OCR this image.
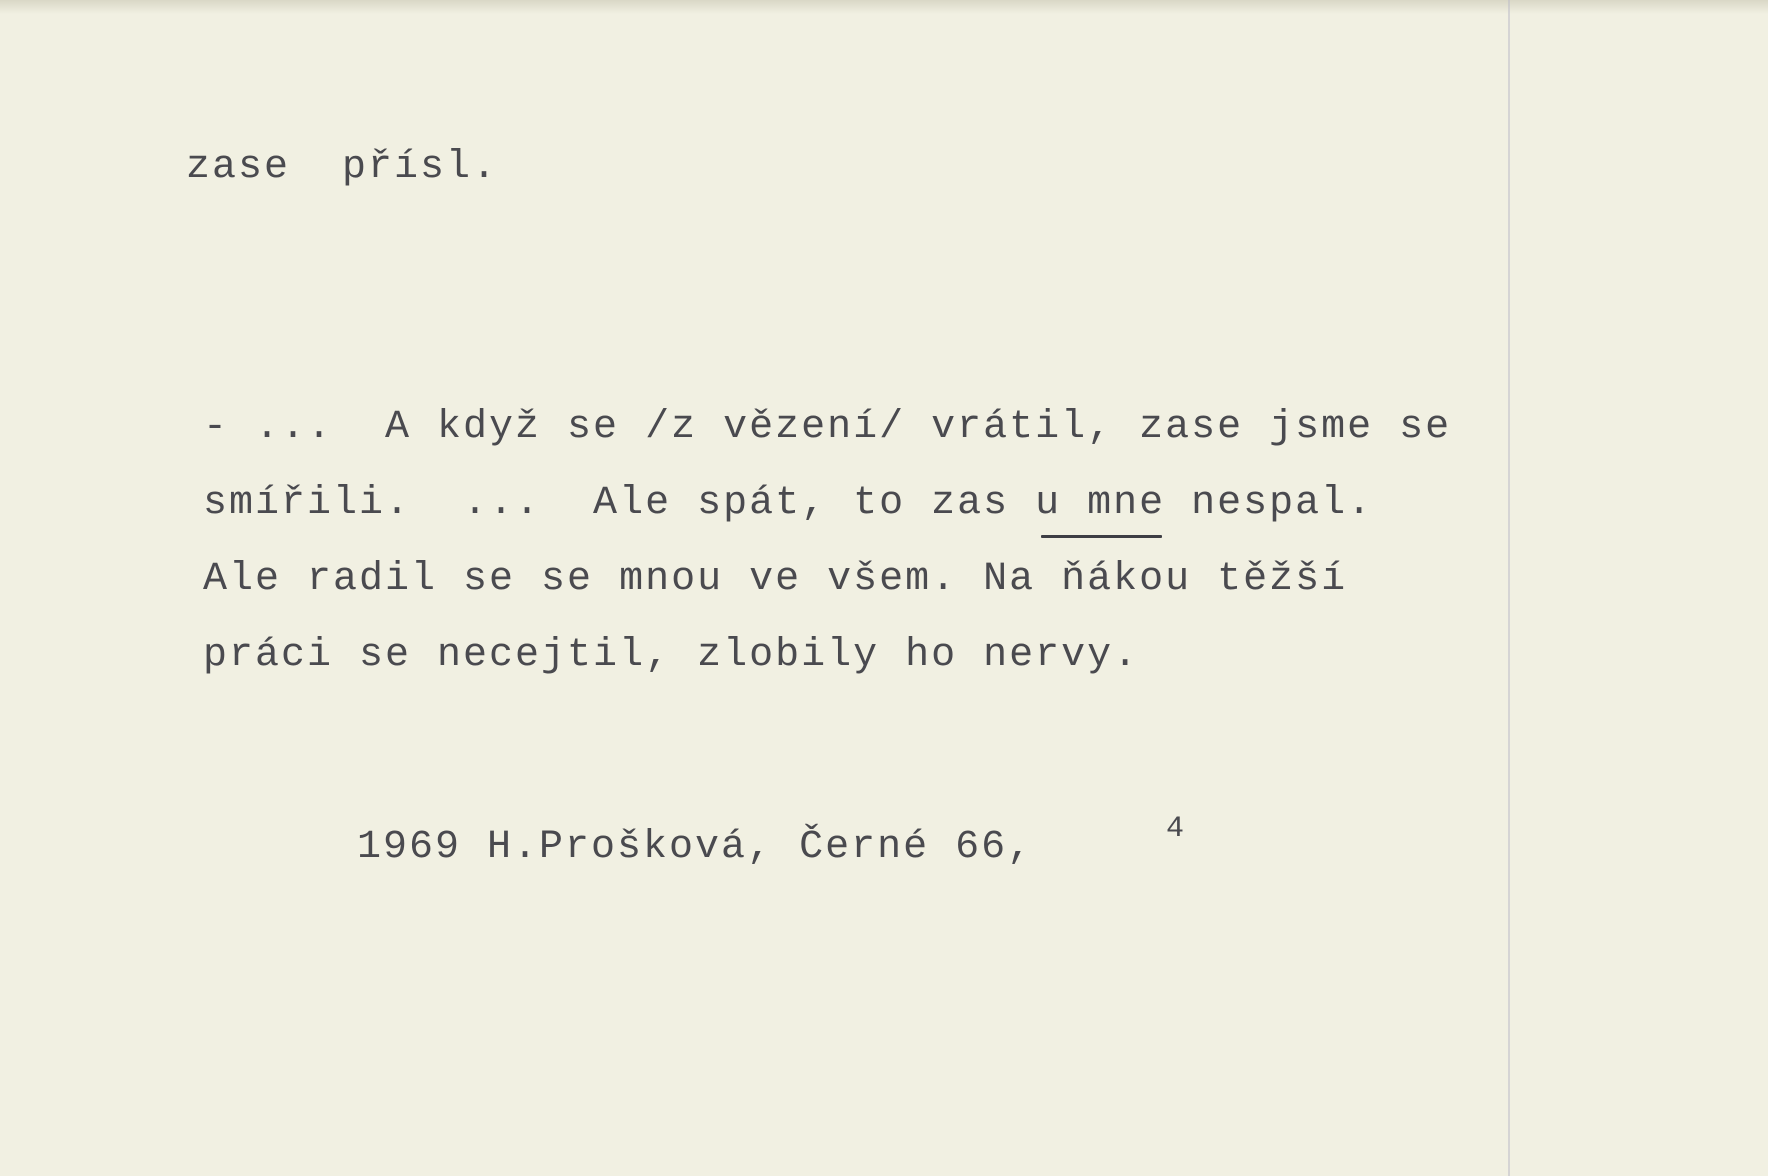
zase  přísl.
- ...  A když se /z vězení/ vrátil, zase jsme se
smířili.  ...  Ale spát, to zas u mne nespal.
Ale radil se se mnou ve všem. Na ňákou těžší
práci se necejtil, zlobily ho nervy.
1969 H.Prošková, Černé 66,	4
